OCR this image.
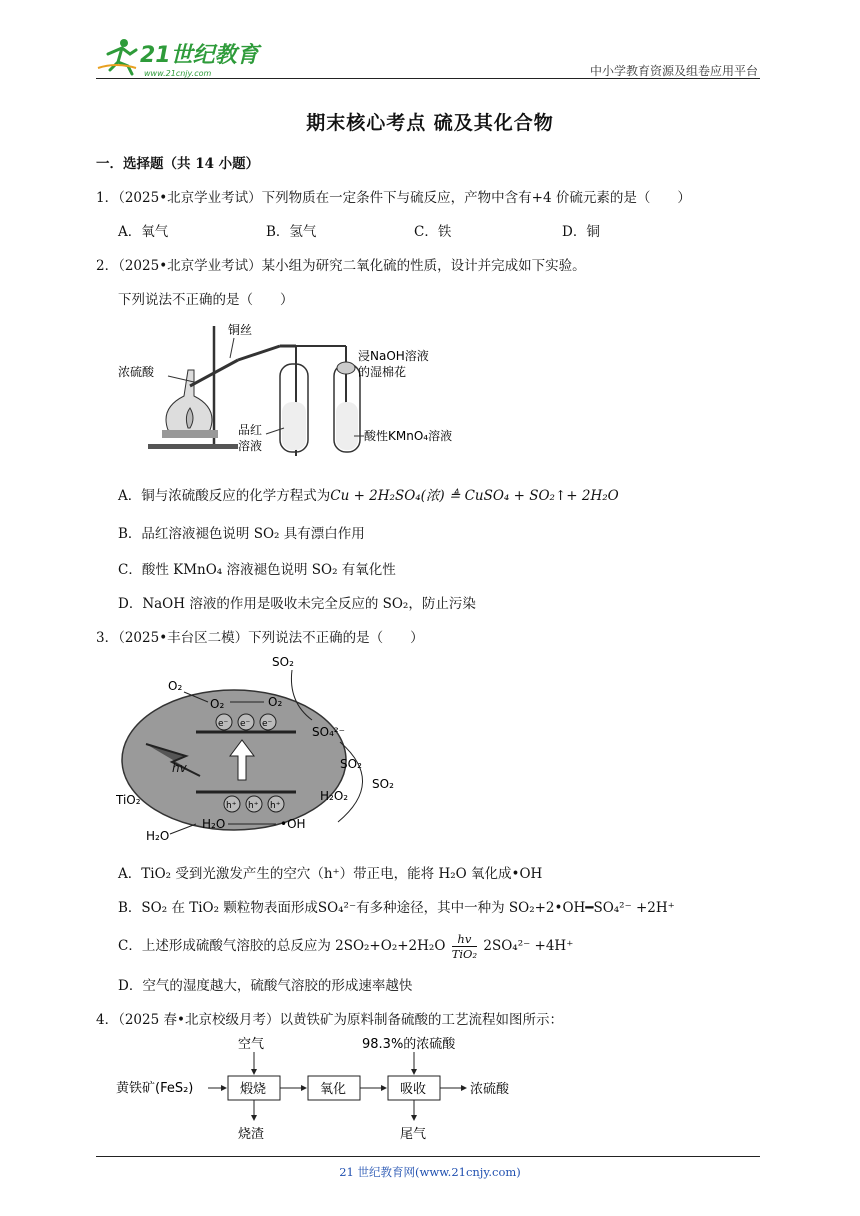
21世纪教育
www.21cnjy.com	中小学教育资源及组卷应用平台
期末核心考点 硫及其化合物
一．选择题（共 14 小题）
1．（2025•北京学业考试）下列物质在一定条件下与硫反应，产物中含有+4 价硫元素的是（　　）
A．氧气	B．氢气	C．铁	D．铜
2．（2025•北京学业考试）某小组为研究二氧化硫的性质，设计并完成如下实验。
下列说法不正确的是（　　）
铜丝
浓硫酸
浸NaOH溶液
的湿棉花
品红
溶液
酸性KMnO₄溶液
A．铜与浓硫酸反应的化学方程式为Cu + 2H₂SO₄(浓) ≜ CuSO₄ + SO₂↑+ 2H₂O
B．品红溶液褪色说明 SO₂ 具有漂白作用
C．酸性 KMnO₄ 溶液褪色说明 SO₂ 有氧化性
D．NaOH 溶液的作用是吸收未完全反应的 SO₂，防止污染
3．（2025•丰台区二模）下列说法不正确的是（　　）
e⁻ e⁻ e⁻
h⁺ h⁺ h⁺
hv
SO₂
O₂
O₂	O₂
SO₄²⁻
SO₂
SO₂
TiO₂	H₂O₂
H₂O
H₂O	•OH
A．TiO₂ 受到光激发产生的空穴（h⁺）带正电，能将 H₂O 氧化成•OH
B．SO₂ 在 TiO₂ 颗粒物表面形成SO₄²⁻有多种途径，其中一种为 SO₂+2•OH━SO₄²⁻ +2H⁺
C．上述形成硫酸气溶胶的总反应为 2SO₂+O₂+2H₂O	hv
TiO₂ 2SO₄²⁻ +4H⁺
D．空气的湿度越大，硫酸气溶胶的形成速率越快
4．（2025 春•北京校级月考）以黄铁矿为原料制备硫酸的工艺流程如图所示：
空气	98.3%的浓硫酸
黄铁矿(FeS₂)	煅烧	氧化	吸收	浓硫酸
烧渣	尾气
21 世纪教育网(www.21cnjy.com)
